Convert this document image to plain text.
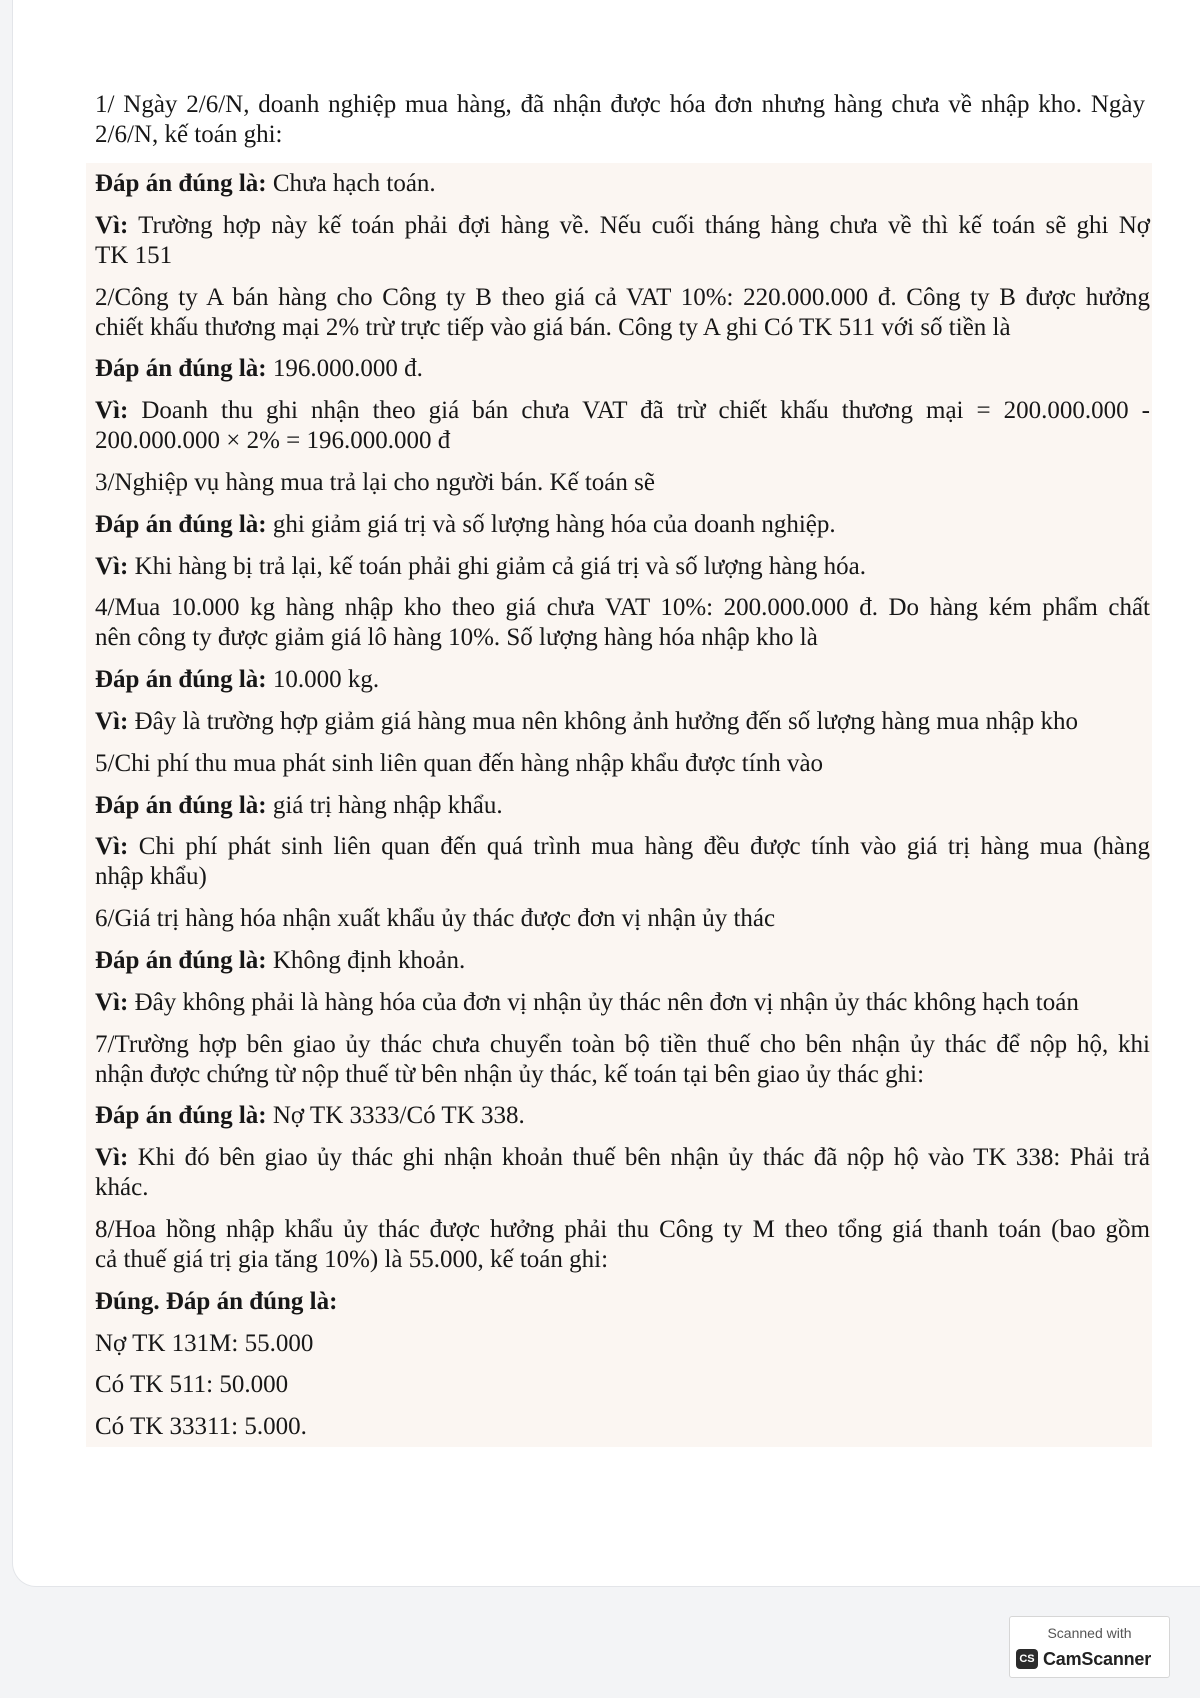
1/ Ngày 2/6/N, doanh nghiệp mua hàng, đã nhận được hóa đơn nhưng hàng chưa về nhập kho. Ngày
2/6/N, kế toán ghi:
Đáp án đúng là: Chưa hạch toán.
Vì: Trường hợp này kế toán phải đợi hàng về. Nếu cuối tháng hàng chưa về thì kế toán sẽ ghi Nợ
TK 151
2/Công ty A bán hàng cho Công ty B theo giá cả VAT 10%: 220.000.000 đ. Công ty B được hưởng
chiết khấu thương mại 2% trừ trực tiếp vào giá bán. Công ty A ghi Có TK 511 với số tiền là
Đáp án đúng là: 196.000.000 đ.
Vì: Doanh thu ghi nhận theo giá bán chưa VAT đã trừ chiết khấu thương mại = 200.000.000 -
200.000.000 × 2% = 196.000.000 đ
3/Nghiệp vụ hàng mua trả lại cho người bán. Kế toán sẽ
Đáp án đúng là: ghi giảm giá trị và số lượng hàng hóa của doanh nghiệp.
Vì: Khi hàng bị trả lại, kế toán phải ghi giảm cả giá trị và số lượng hàng hóa.
4/Mua 10.000 kg hàng nhập kho theo giá chưa VAT 10%: 200.000.000 đ. Do hàng kém phẩm chất
nên công ty được giảm giá lô hàng 10%. Số lượng hàng hóa nhập kho là
Đáp án đúng là: 10.000 kg.
Vì: Đây là trường hợp giảm giá hàng mua nên không ảnh hưởng đến số lượng hàng mua nhập kho
5/Chi phí thu mua phát sinh liên quan đến hàng nhập khẩu được tính vào
Đáp án đúng là: giá trị hàng nhập khẩu.
Vì: Chi phí phát sinh liên quan đến quá trình mua hàng đều được tính vào giá trị hàng mua (hàng
nhập khẩu)
6/Giá trị hàng hóa nhận xuất khẩu ủy thác được đơn vị nhận ủy thác
Đáp án đúng là: Không định khoản.
Vì: Đây không phải là hàng hóa của đơn vị nhận ủy thác nên đơn vị nhận ủy thác không hạch toán
7/Trường hợp bên giao ủy thác chưa chuyển toàn bộ tiền thuế cho bên nhận ủy thác để nộp hộ, khi
nhận được chứng từ nộp thuế từ bên nhận ủy thác, kế toán tại bên giao ủy thác ghi:
Đáp án đúng là: Nợ TK 3333/Có TK 338.
Vì: Khi đó bên giao ủy thác ghi nhận khoản thuế bên nhận ủy thác đã nộp hộ vào TK 338: Phải trả
khác.
8/Hoa hồng nhập khẩu ủy thác được hưởng phải thu Công ty M theo tổng giá thanh toán (bao gồm
cả thuế giá trị gia tăng 10%) là 55.000, kế toán ghi:
Đúng. Đáp án đúng là:
Nợ TK 131M: 55.000
Có TK 511: 50.000
Có TK 33311: 5.000.
Scanned with
CS CamScanner
